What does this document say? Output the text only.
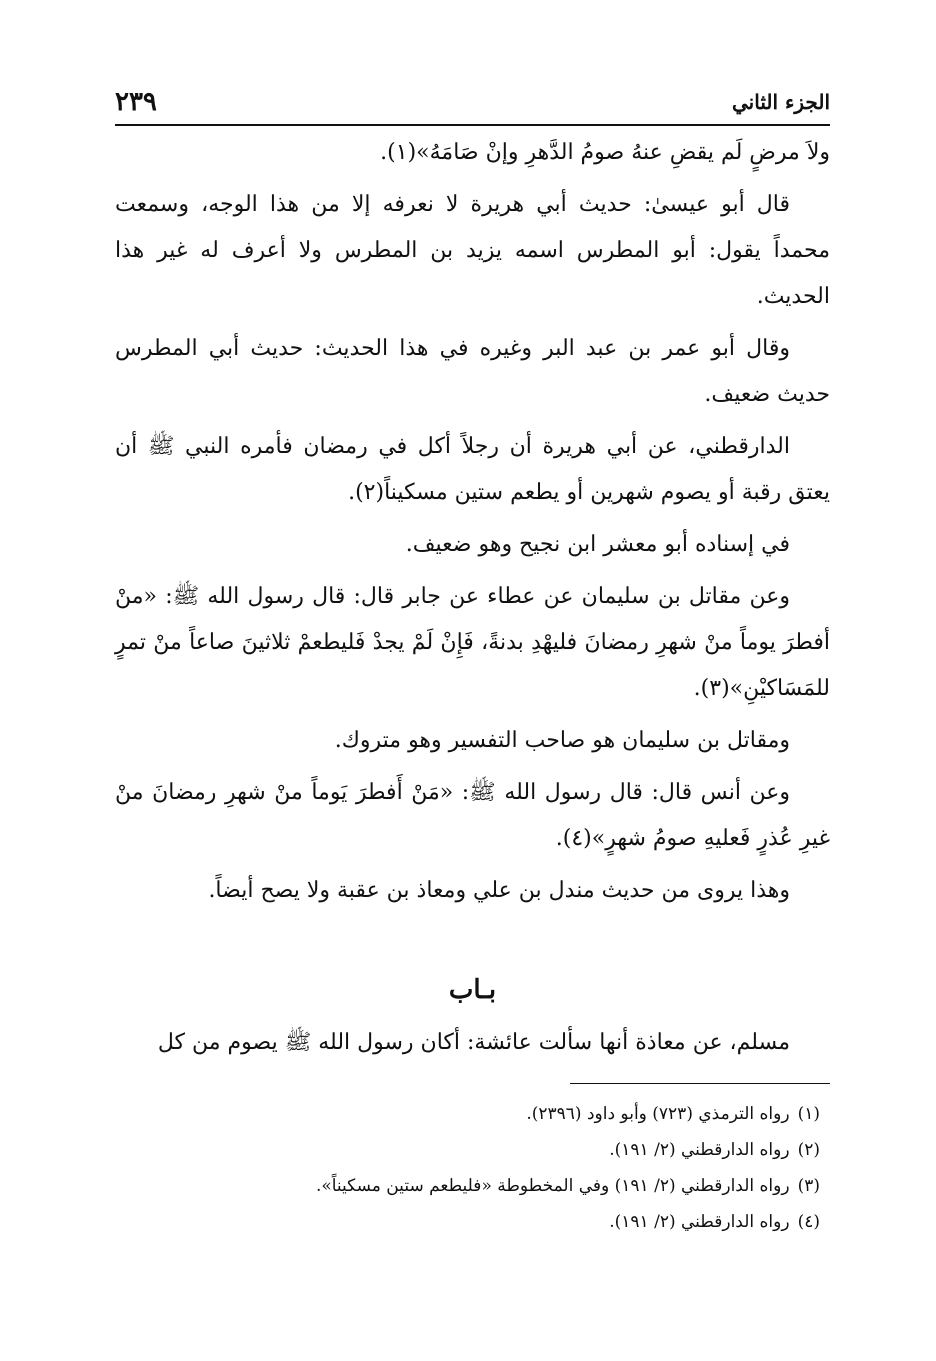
الجزء الثاني
٢٣٩

ولاَ مرضٍ لَم يقضِ عنهُ صومُ الدَّهرِ وإنْ صَامَهُ»(١).

قال أبو عيسىٰ: حديث أبي هريرة لا نعرفه إلا من هذا الوجه، وسمعت محمداً يقول: أبو المطرس اسمه يزيد بن المطرس ولا أعرف له غير هذا الحديث.

وقال أبو عمر بن عبد البر وغيره في هذا الحديث: حديث أبي المطرس حديث ضعيف.

الدارقطني، عن أبي هريرة أن رجلاً أكل في رمضان فأمره النبي ﷺ أن يعتق رقبة أو يصوم شهرين أو يطعم ستين مسكيناً(٢).

في إسناده أبو معشر ابن نجيح وهو ضعيف.

وعن مقاتل بن سليمان عن عطاء عن جابر قال: قال رسول الله ﷺ: «منْ أفطرَ يوماً منْ شهرِ رمضانَ فليهْدِ بدنةً، فَإِنْ لَمْ يجدْ فَليطعمْ ثلاثينَ صاعاً منْ تمرٍ للمَسَاكيْنِ»(٣).

ومقاتل بن سليمان هو صاحب التفسير وهو متروك.

وعن أنس قال: قال رسول الله ﷺ: «مَنْ أَفطرَ يَوماً منْ شهرِ رمضانَ منْ غيرِ عُذرٍ فَعليهِ صومُ شهرٍ»(٤).

وهذا يروى من حديث مندل بن علي ومعاذ بن عقبة ولا يصح أيضاً.

بـاب
مسلم، عن معاذة أنها سألت عائشة: أكان رسول الله ﷺ يصوم من كل

(١)رواه الترمذي (٧٢٣) وأبو داود (٢٣٩٦).

(٢)رواه الدارقطني (٢/ ١٩١).

(٣)رواه الدارقطني (٢/ ١٩١) وفي المخطوطة «فليطعم ستين مسكيناً».

(٤)رواه الدارقطني (٢/ ١٩١).
